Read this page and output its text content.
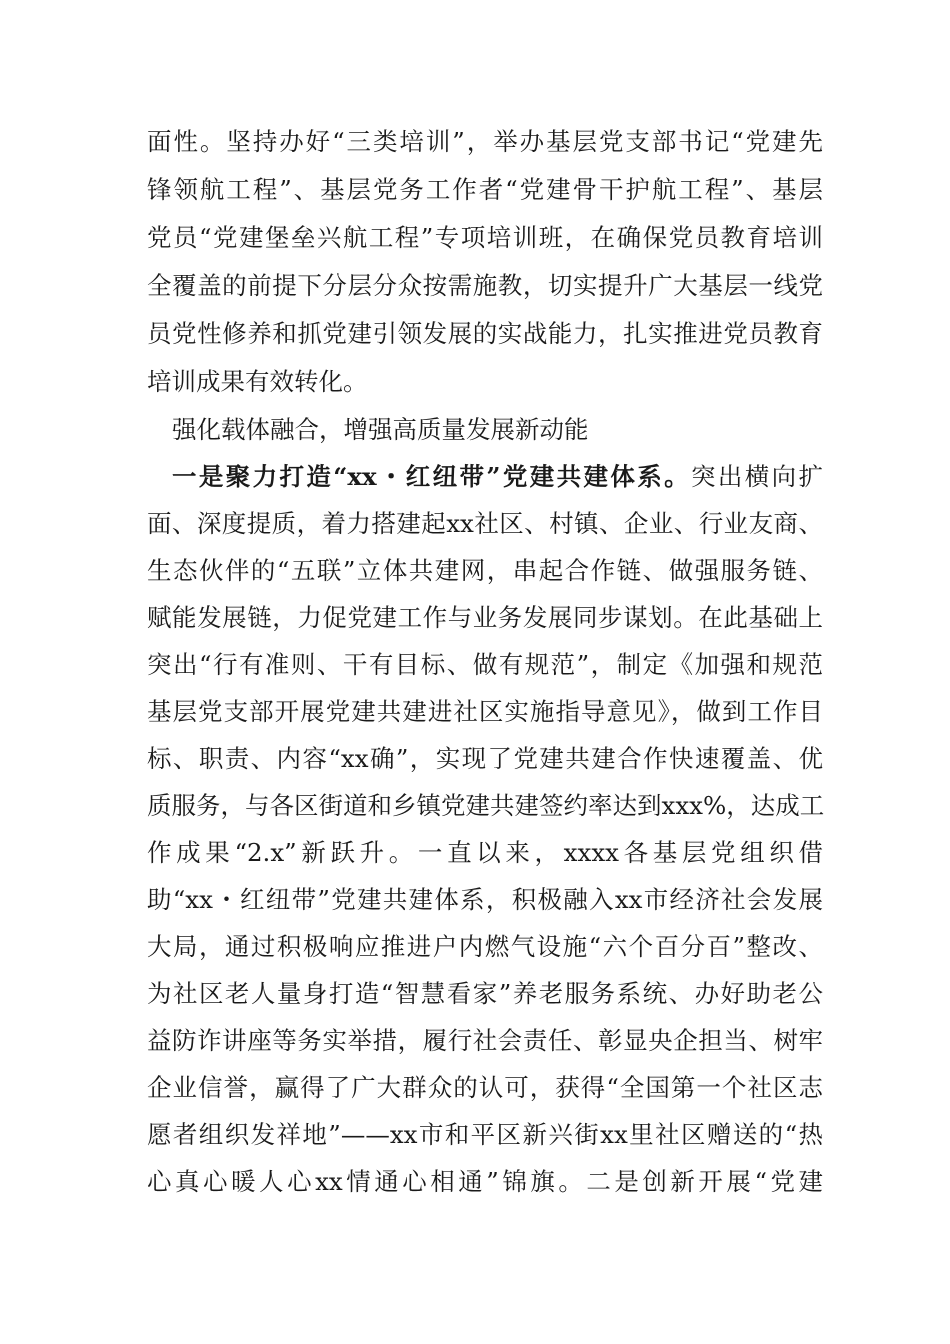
面性。坚持办好“三类培训”，举办基层党支部书记“党建先
锋领航工程”、基层党务工作者“党建骨干护航工程”、基层
党员“党建堡垒兴航工程”专项培训班，在确保党员教育培训
全覆盖的前提下分层分众按需施教，切实提升广大基层一线党
员党性修养和抓党建引领发展的实战能力，扎实推进党员教育
培训成果有效转化。
强化载体融合，增强高质量发展新动能
一是聚力打造“xx・红纽带”党建共建体系。突出横向扩
面、深度提质，着力搭建起xx社区、村镇、企业、行业友商、
生态伙伴的“五联”立体共建网，串起合作链、做强服务链、
赋能发展链，力促党建工作与业务发展同步谋划。在此基础上
突出“行有准则、干有目标、做有规范”，制定《加强和规范
基层党支部开展党建共建进社区实施指导意见》，做到工作目
标、职责、内容“xx确”，实现了党建共建合作快速覆盖、优
质服务，与各区街道和乡镇党建共建签约率达到xxx%，达成工
作成果“2.x”新跃升。一直以来，xxxx各基层党组织借
助“xx・红纽带”党建共建体系，积极融入xx市经济社会发展
大局，通过积极响应推进户内燃气设施“六个百分百”整改、
为社区老人量身打造“智慧看家”养老服务系统、办好助老公
益防诈讲座等务实举措，履行社会责任、彰显央企担当、树牢
企业信誉，赢得了广大群众的认可，获得“全国第一个社区志
愿者组织发祥地”——xx市和平区新兴街xx里社区赠送的“热
心真心暖人心xx情通心相通”锦旗。二是创新开展“党建
